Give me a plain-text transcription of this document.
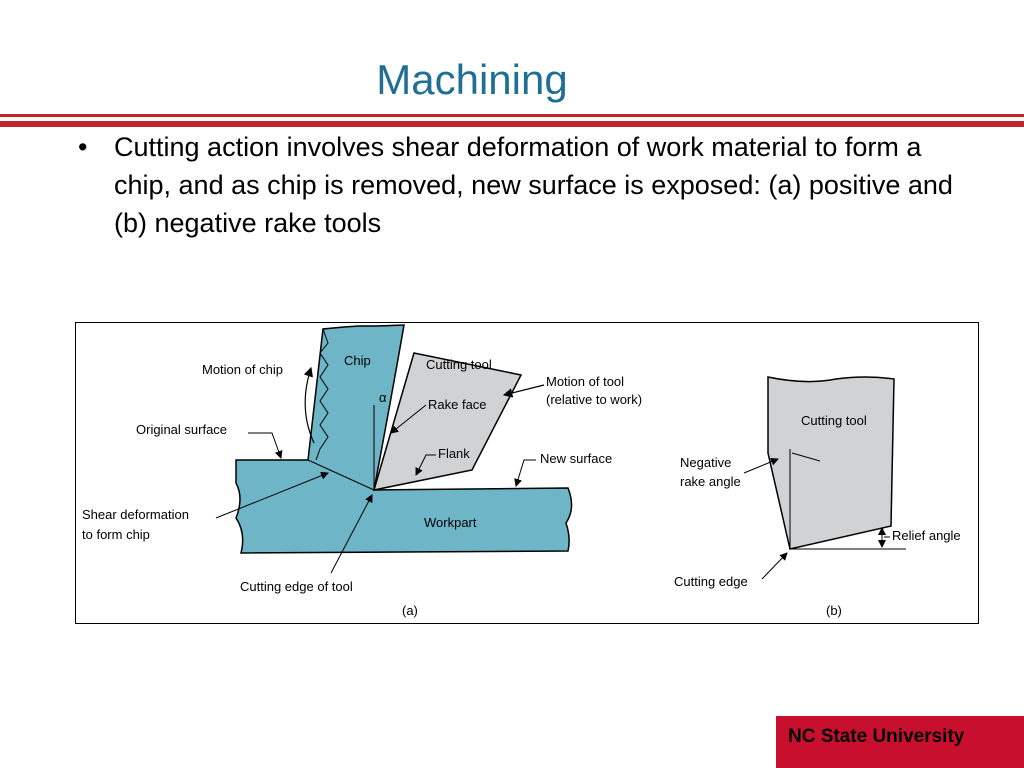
Machining
• Cutting action involves shear deformation of work material to form a chip, and as chip is removed, new surface is exposed: (a) positive and (b) negative rake tools
Motion of chip
Chip	Cutting tool
α	Rake face
Motion of tool
(relative to work)
Original surface
Flank	New surface
Shear deformation
to form chip
Workpart
Cutting edge of tool
(a)
Cutting tool
Negative
rake angle
Relief angle
Cutting edge
(b)
NC State University
